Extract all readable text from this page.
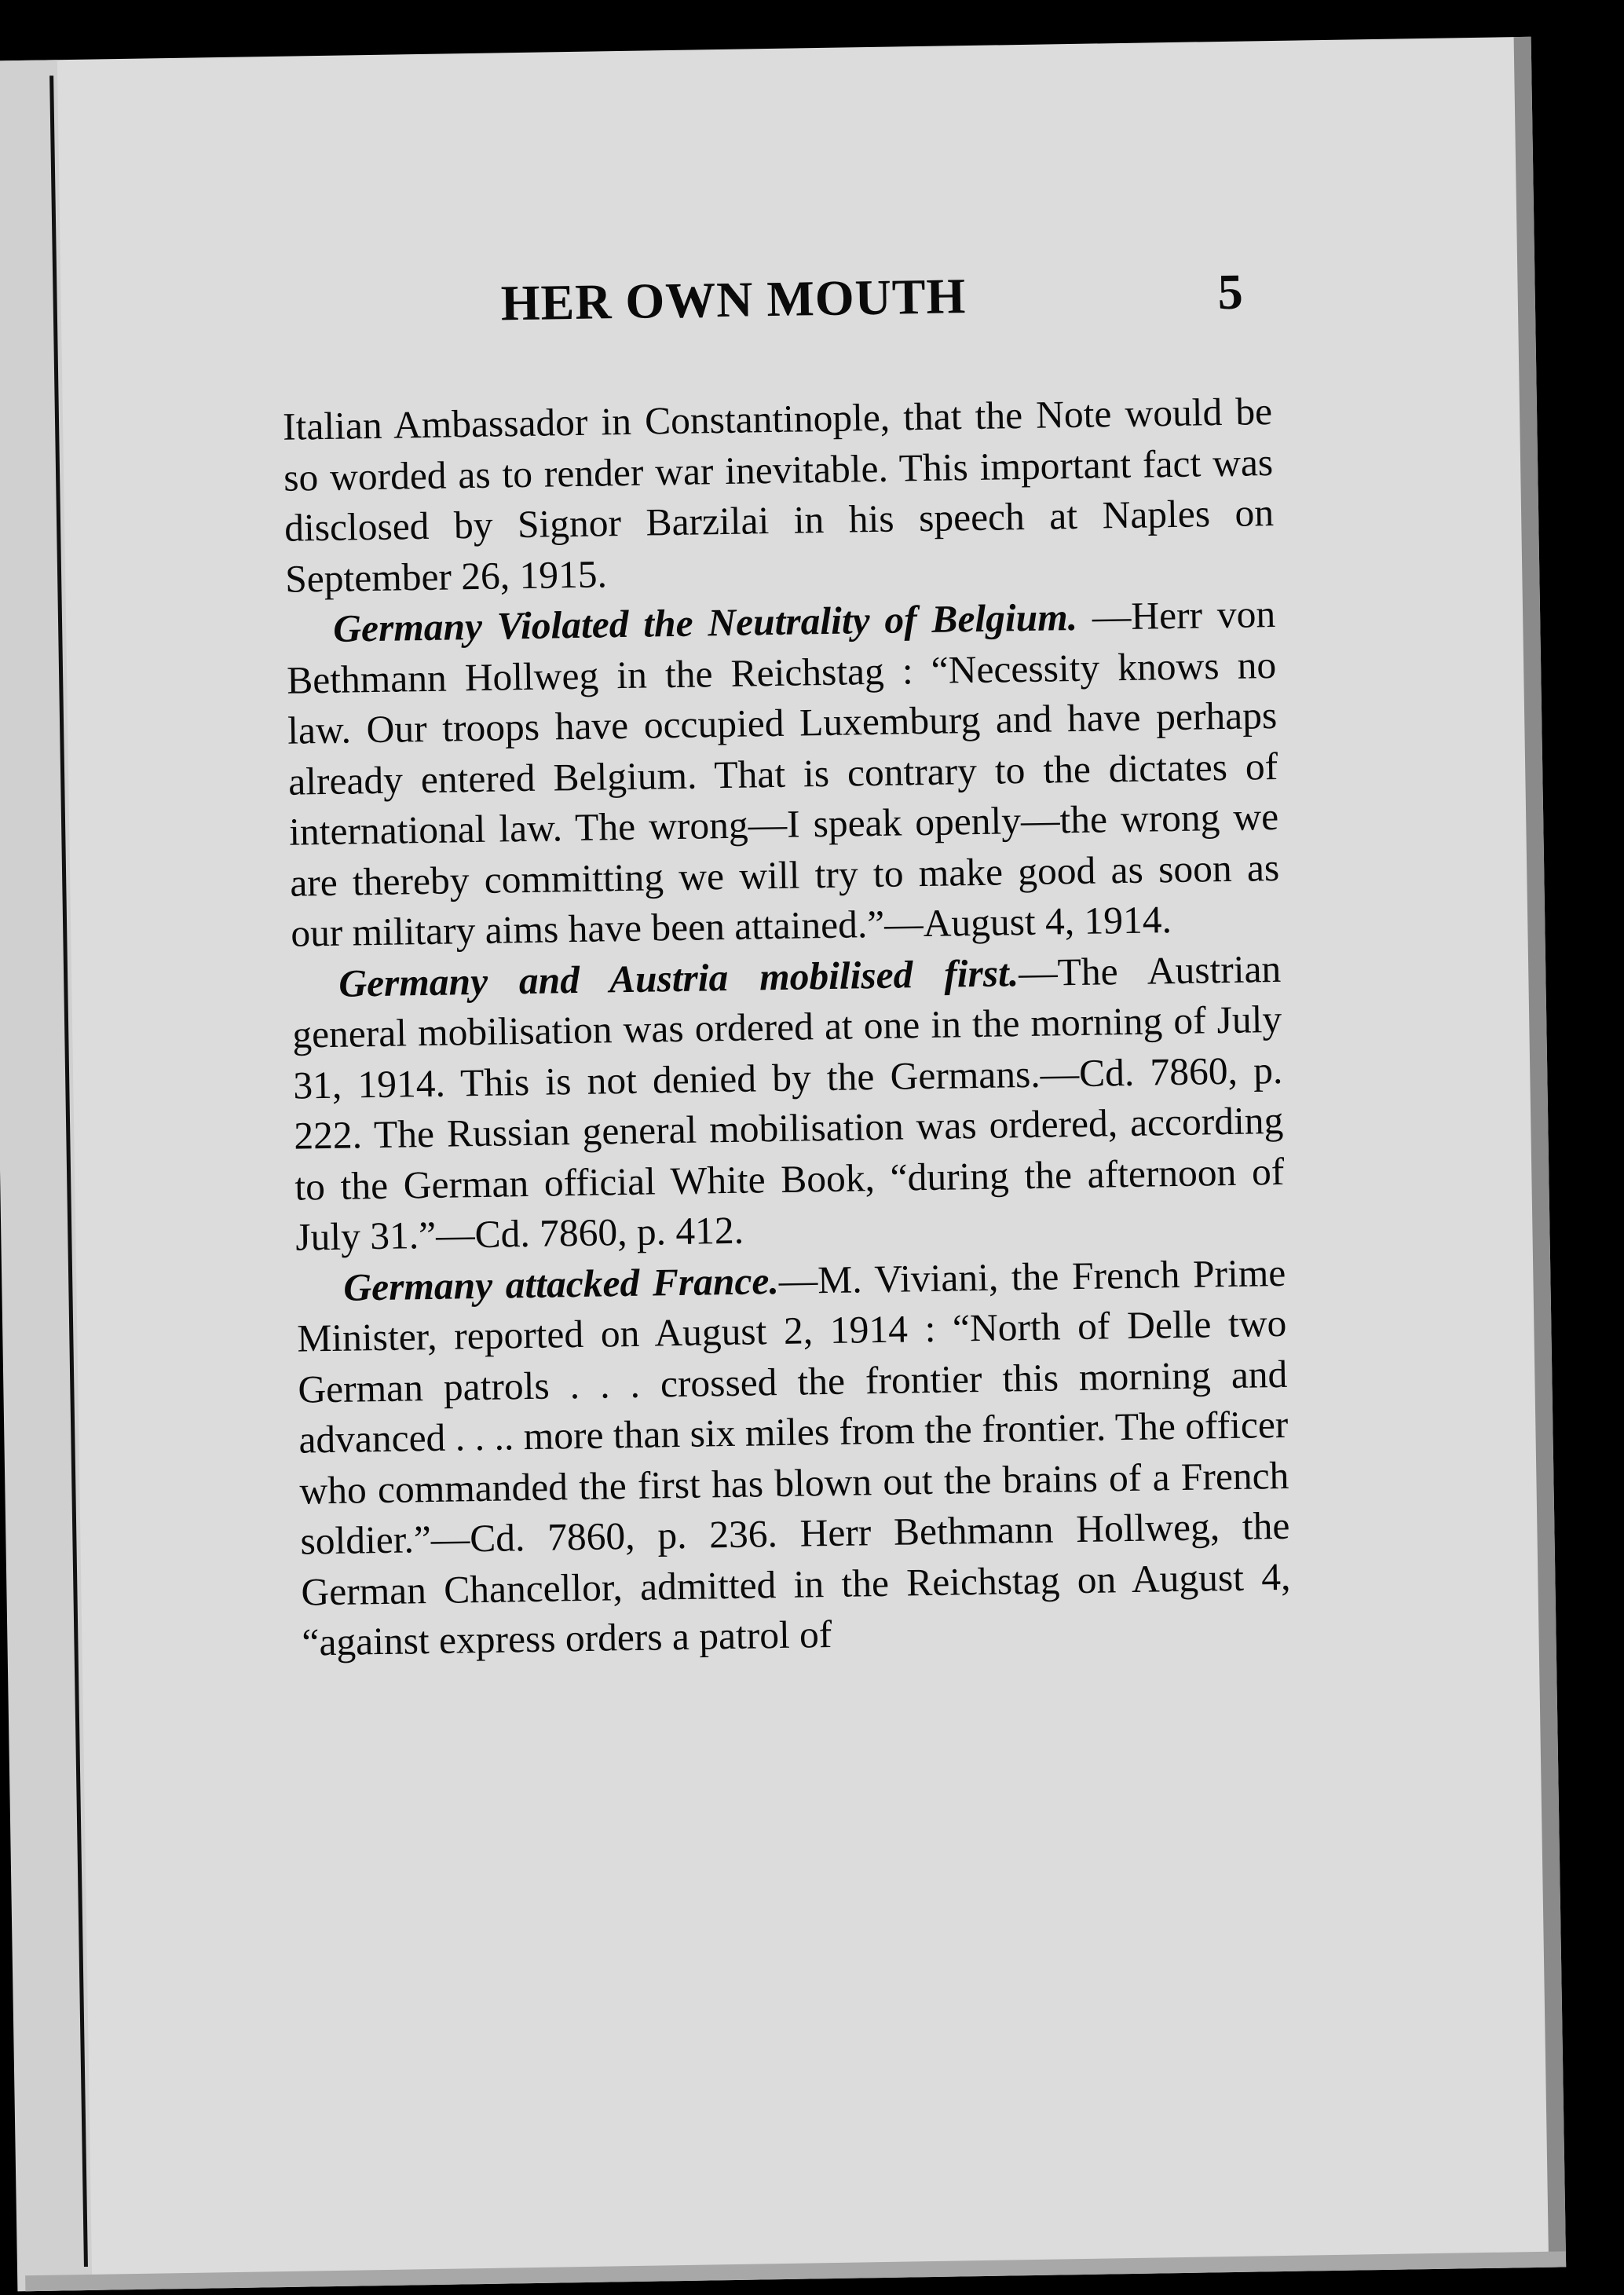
HER OWN MOUTH	5

Italian Ambassador in Constantinople, that the Note would be so worded as to render war inevitable. This important fact was disclosed by Signor Barzilai in his speech at Naples on September 26, 1915.

Germany Violated the Neutrality of Belgium. —Herr von Bethmann Hollweg in the Reichstag : “Necessity knows no law. Our troops have occupied Luxemburg and have perhaps already entered Belgium. That is contrary to the dictates of international law. The wrong—I speak openly—the wrong we are thereby committing we will try to make good as soon as our military aims have been attained.”—August 4, 1914.

Germany and Austria mobilised first.—The Austrian general mobilisation was ordered at one in the morning of July 31, 1914. This is not denied by the Germans.—Cd. 7860, p. 222. The Russian general mobilisation was ordered, according to the German official White Book, “during the afternoon of July 31.”—Cd. 7860, p. 412.

Germany attacked France.—M. Viviani, the French Prime Minister, reported on August 2, 1914 : “North of Delle two German patrols . . . crossed the frontier this morning and advanced . . .. more than six miles from the frontier. The officer who commanded the first has blown out the brains of a French soldier.”—Cd. 7860, p. 236. Herr Bethmann Hollweg, the German Chancellor, admitted in the Reichstag on August 4, “against express orders a patrol of
